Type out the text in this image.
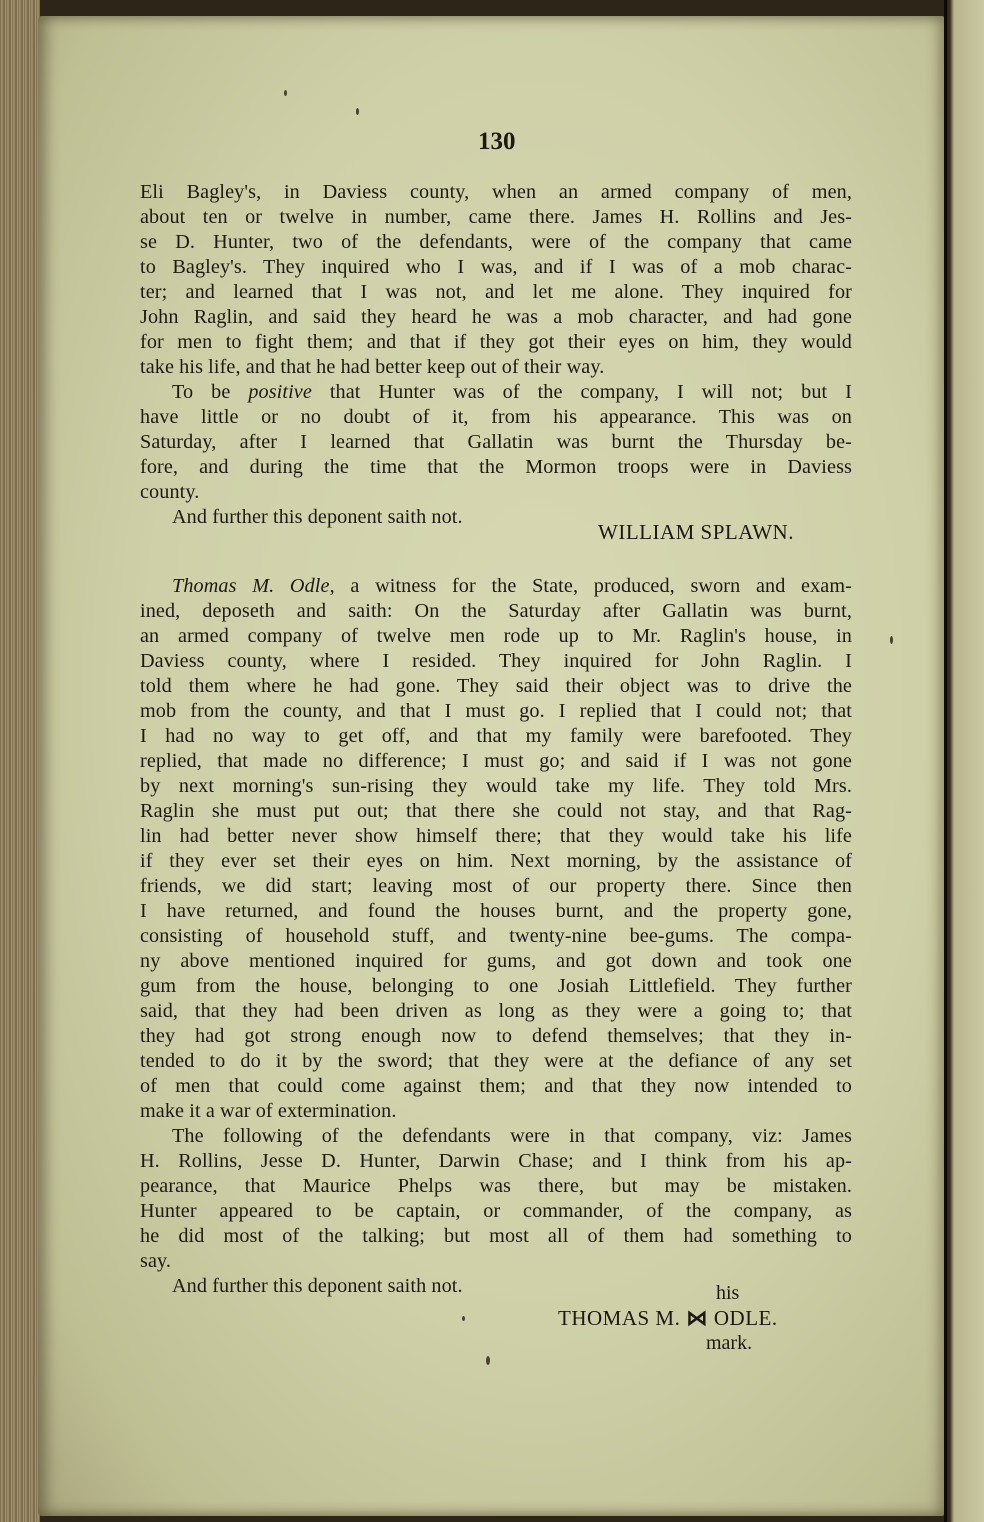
130
Eli Bagley's, in Daviess county, when an armed company of men,
about ten or twelve in number, came there. James H. Rollins and Jes-
se D. Hunter, two of the defendants, were of the company that came
to Bagley's. They inquired who I was, and if I was of a mob charac-
ter; and learned that I was not, and let me alone. They inquired for
John Raglin, and said they heard he was a mob character, and had gone
for men to fight them; and that if they got their eyes on him, they would
take his life, and that he had better keep out of their way.
To be positive that Hunter was of the company, I will not; but I
have little or no doubt of it, from his appearance. This was on
Saturday, after I learned that Gallatin was burnt the Thursday be-
fore, and during the time that the Mormon troops were in Daviess
county.
And further this deponent saith not.
WILLIAM SPLAWN.
Thomas M. Odle, a witness for the State, produced, sworn and exam-
ined, deposeth and saith: On the Saturday after Gallatin was burnt,
an armed company of twelve men rode up to Mr. Raglin's house, in
Daviess county, where I resided. They inquired for John Raglin. I
told them where he had gone. They said their object was to drive the
mob from the county, and that I must go. I replied that I could not; that
I had no way to get off, and that my family were barefooted. They
replied, that made no difference; I must go; and said if I was not gone
by next morning's sun-rising they would take my life. They told Mrs.
Raglin she must put out; that there she could not stay, and that Rag-
lin had better never show himself there; that they would take his life
if they ever set their eyes on him. Next morning, by the assistance of
friends, we did start; leaving most of our property there. Since then
I have returned, and found the houses burnt, and the property gone,
consisting of household stuff, and twenty-nine bee-gums. The compa-
ny above mentioned inquired for gums, and got down and took one
gum from the house, belonging to one Josiah Littlefield. They further
said, that they had been driven as long as they were a going to; that
they had got strong enough now to defend themselves; that they in-
tended to do it by the sword; that they were at the defiance of any set
of men that could come against them; and that they now intended to
make it a war of extermination.
The following of the defendants were in that company, viz: James
H. Rollins, Jesse D. Hunter, Darwin Chase; and I think from his ap-
pearance, that Maurice Phelps was there, but may be mistaken.
Hunter appeared to be captain, or commander, of the company, as
he did most of the talking; but most all of them had something to
say.
And further this deponent saith not.	his
THOMAS M. ⋈ ODLE.
mark.
